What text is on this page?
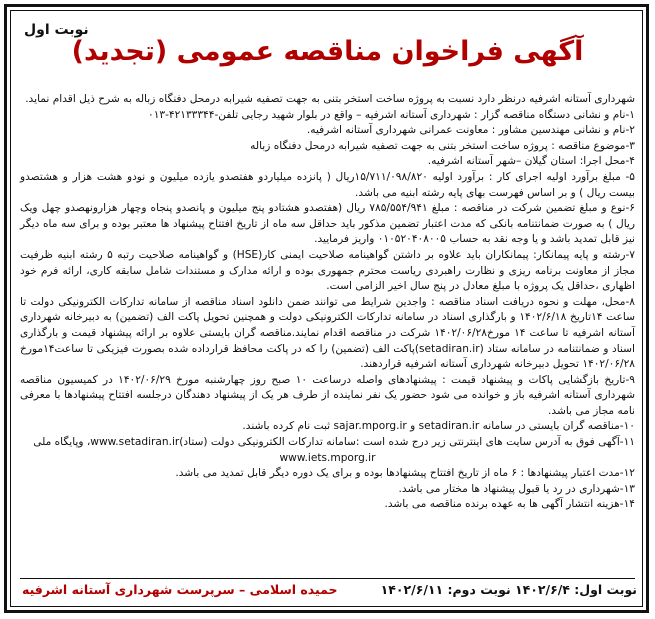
نوبت اول
آگهی فراخوان مناقصه عمومی (تجدید)

شهرداری آستانه اشرفیه درنظر دارد نسبت به پروژه ساخت استخر بتنی به جهت تصفیه شیرابه درمحل دفنگاه زباله به شرح ذیل اقدام نماید.

۱-نام و نشانی دستگاه مناقصه گزار : شهرداری آستانه اشرفیه – واقع در بلوار شهید رجایی تلفن-۴۲۱۳۳۳۴۴-۰۱۳

۲-نام و نشانی مهندسین مشاور : معاونت عمرانی شهرداری آستانه اشرفیه.

۳-موضوع مناقصه : پروژه ساخت استخر بتنی به جهت تصفیه شیرابه درمحل دفنگاه زباله

۴-محل اجرا: استان گیلان –شهر آستانه اشرفیه.

۵- مبلغ برآورد اولیه اجرای کار : برآورد اولیه ۱۵/۷۱۱/۰۹۸/۸۲۰ریال ( پانزده میلیاردو هفتصدو یازده میلیون و نودو هشت هزار و هشتصدو بیست ریال ) و بر اساس فهرست بهای پایه رشته ابنیه می باشد.

۶-نوع و مبلغ تضمین شرکت در مناقصه : مبلغ ۷۸۵/۵۵۴/۹۴۱ ریال (هفتصدو هشتادو پنج میلیون و پانصدو پنجاه وچهار هزارونهصدو چهل ویک ریال ) به صورت ضمانتنامه بانکی که مدت اعتبار تضمین مذکور باید حداقل سه ماه از تاریخ افتتاح پیشنهاد ها معتبر بوده و برای سه ماه دیگر نیز قابل تمدید باشد و یا وجه نقد به حساب ۰۱۰۵۲۰۴۰۸۰۰۵ واریز فرمایید.

۷-رشته و پایه پیمانکار: پیمانکاران باید علاوه بر داشتن گواهینامه صلاحیت ایمنی کار(HSE) و گواهینامه صلاحیت رتبه ۵ رشته ابنیه ظرفیت مجاز از معاونت برنامه ریزی و نظارت راهبردی ریاست محترم جمهوری بوده و ارائه مدارک و مستندات شامل سابقه کاری، ارائه فرم خود اظهاری ،حداقل یک پروژه با مبلغ معادل در پنج سال اخیر الزامی است.

۸-محل، مهلت و نحوه دریافت اسناد مناقصه : واجدین شرایط می توانند ضمن دانلود اسناد مناقصه از سامانه تداركات الكترونيكی دولت تا ساعت ۱۴تاریخ ۱۴۰۲/۶/۱۸ و بارگذاری اسناد در سامانه تدارکات الکترونیکی دولت و همچنین تحویل پاکت الف (تضمین) به دبیرخانه شهرداری آستانه اشرفیه تا ساعت ۱۴ مورخ۱۴۰۲/۰۶/۲۸ شرکت در مناقصه اقدام نمایند.مناقصه گران بایستی علاوه بر ارائه پیشنهاد قیمت و بارگذاری اسناد و ضمانتنامه در سامانه ستاد (setadiran.ir)پاکت الف (تضمین) را که در پاکت محافظ قرارداده شده بصورت فیزیکی تا ساعت۱۴مورخ ۱۴۰۲/۰۶/۲۸ تحویل دبیرخانه شهرداری آستانه اشرفیه قراردهند.

۹-تاریخ بازگشایی پاکات و پیشنهاد قیمت : پیشنهادهای واصله درساعت ۱۰ صبح روز چهارشنبه مورخ ۱۴۰۲/۰۶/۲۹ در کمیسیون مناقصه شهرداری آستانه اشرفیه باز و خوانده می شود حضور یک نفر نماینده از طرف هر یک از پیشنهاد دهندگان درجلسه افتتاح پیشنهادها با معرفی نامه مجاز می باشد.

۱۰-مناقصه گران بایستی در سامانه setadiran.ir و sajar.mporg.ir ثبت نام کرده باشند.

۱۱-آگهی فوق به آدرس سایت های اینترنتی زیر درج شده است :سامانه تداركات الكترونيكی دولت (ستاد)www.setadiran.ir، وپایگاه ملی

www.iets.mporg.ir

۱۲-مدت اعتبار پیشنهادها : ۶ ماه از تاریخ افتتاح پیشنهادها بوده و برای یک دوره دیگر قابل تمدید می باشد.

۱۳-شهرداری در رد یا قبول پیشنهاد ها مختار می باشد.

۱۴-هزینه انتشار آگهی ها به عهده برنده مناقصه می باشد.

نوبت اول: ۱۴۰۲/۶/۴ نوبت دوم: ۱۴۰۲/۶/۱۱
حمیده اسلامی – سرپرست شهرداری آستانه اشرفیه
